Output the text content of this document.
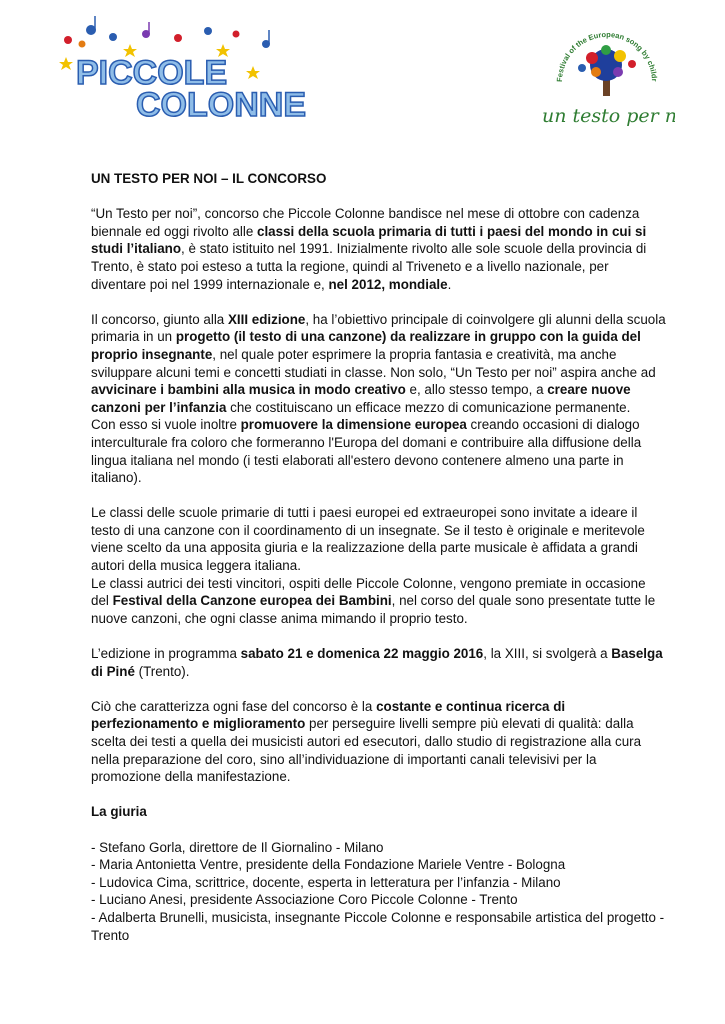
PICCOLE
COLONNE
Festival of the European song by childr
un testo per

UN TESTO PER NOI – IL CONCORSO

“Un Testo per noi”, concorso che Piccole Colonne bandisce nel mese di ottobre con cadenza biennale ed oggi rivolto alle classi della scuola primaria di tutti i paesi del mondo in cui si studi l’italiano, è stato istituito nel 1991. Inizialmente rivolto alle sole scuole della provincia di Trento, è stato poi esteso a tutta la regione, quindi al Triveneto e a livello nazionale, per diventare poi nel 1999 internazionale e, nel 2012, mondiale.

Il concorso, giunto alla XIII edizione, ha l’obiettivo principale di coinvolgere gli alunni della scuola primaria in un progetto (il testo di una canzone) da realizzare in gruppo con la guida del proprio insegnante, nel quale poter esprimere la propria fantasia e creatività, ma anche sviluppare alcuni temi e concetti studiati in classe. Non solo, “Un Testo per noi” aspira anche ad avvicinare i bambini alla musica in modo creativo e, allo stesso tempo, a creare nuove canzoni per l’infanzia che costituiscano un efficace mezzo di comunicazione permanente.
Con esso si vuole inoltre promuovere la dimensione europea creando occasioni di dialogo interculturale fra coloro che formeranno l'Europa del domani e contribuire alla diffusione della lingua italiana nel mondo (i testi elaborati all'estero devono contenere almeno una parte in italiano).

Le classi delle scuole primarie di tutti i paesi europei ed extraeuropei sono invitate a ideare il testo di una canzone con il coordinamento di un insegnate. Se il testo è originale e meritevole viene scelto da una apposita giuria e la realizzazione della parte musicale è affidata a grandi autori della musica leggera italiana.
Le classi autrici dei testi vincitori, ospiti delle Piccole Colonne, vengono premiate in occasione del Festival della Canzone europea dei Bambini, nel corso del quale sono presentate tutte le nuove canzoni, che ogni classe anima mimando il proprio testo.

L’edizione in programma sabato 21 e domenica 22 maggio 2016, la XIII, si svolgerà a Baselga di Piné (Trento).

Ciò che caratterizza ogni fase del concorso è la costante e continua ricerca di perfezionamento e miglioramento per perseguire livelli sempre più elevati di qualità: dalla scelta dei testi a quella dei musicisti autori ed esecutori, dallo studio di registrazione alla cura nella preparazione del coro, sino all’individuazione di importanti canali televisivi per la promozione della manifestazione.

La giuria

- Stefano Gorla, direttore de Il Giornalino - Milano
- Maria Antonietta Ventre, presidente della Fondazione Mariele Ventre - Bologna
- Ludovica Cima, scrittrice, docente, esperta in letteratura per l’infanzia - Milano
- Luciano Anesi, presidente Associazione Coro Piccole Colonne - Trento
- Adalberta Brunelli, musicista, insegnante Piccole Colonne e responsabile artistica del progetto - Trento
